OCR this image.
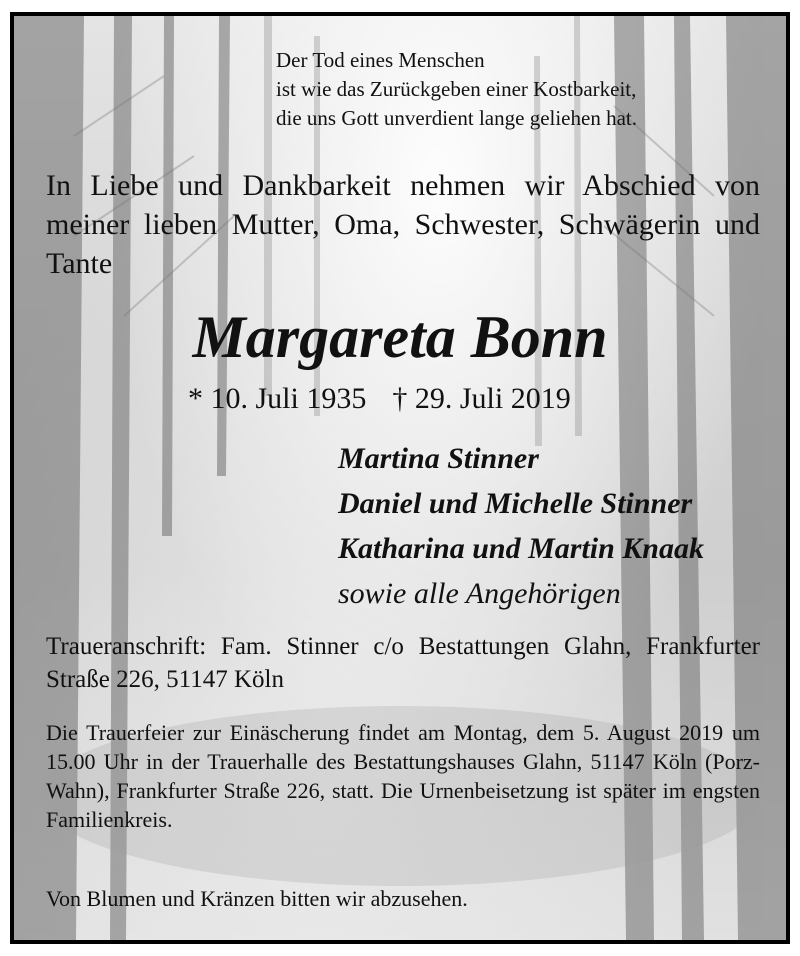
Der Tod eines Menschen
ist wie das Zurückgeben einer Kostbarkeit,
die uns Gott unverdient lange geliehen hat.
In Liebe und Dankbarkeit nehmen wir Abschied von meiner lieben Mutter, Oma, Schwester, Schwägerin und Tante
Margareta Bonn
* 10. Juli 1935 † 29. Juli 2019
Martina Stinner
Daniel und Michelle Stinner
Katharina und Martin Knaak
sowie alle Angehörigen
Traueranschrift: Fam. Stinner c/o Bestattungen Glahn, Frankfurter Straße 226, 51147 Köln
Die Trauerfeier zur Einäscherung findet am Montag, dem 5. August 2019 um 15.00 Uhr in der Trauerhalle des Bestattungshauses Glahn, 51147 Köln (Porz-Wahn), Frankfurter Straße 226, statt. Die Urnenbeisetzung ist später im engsten Familienkreis.
Von Blumen und Kränzen bitten wir abzusehen.
